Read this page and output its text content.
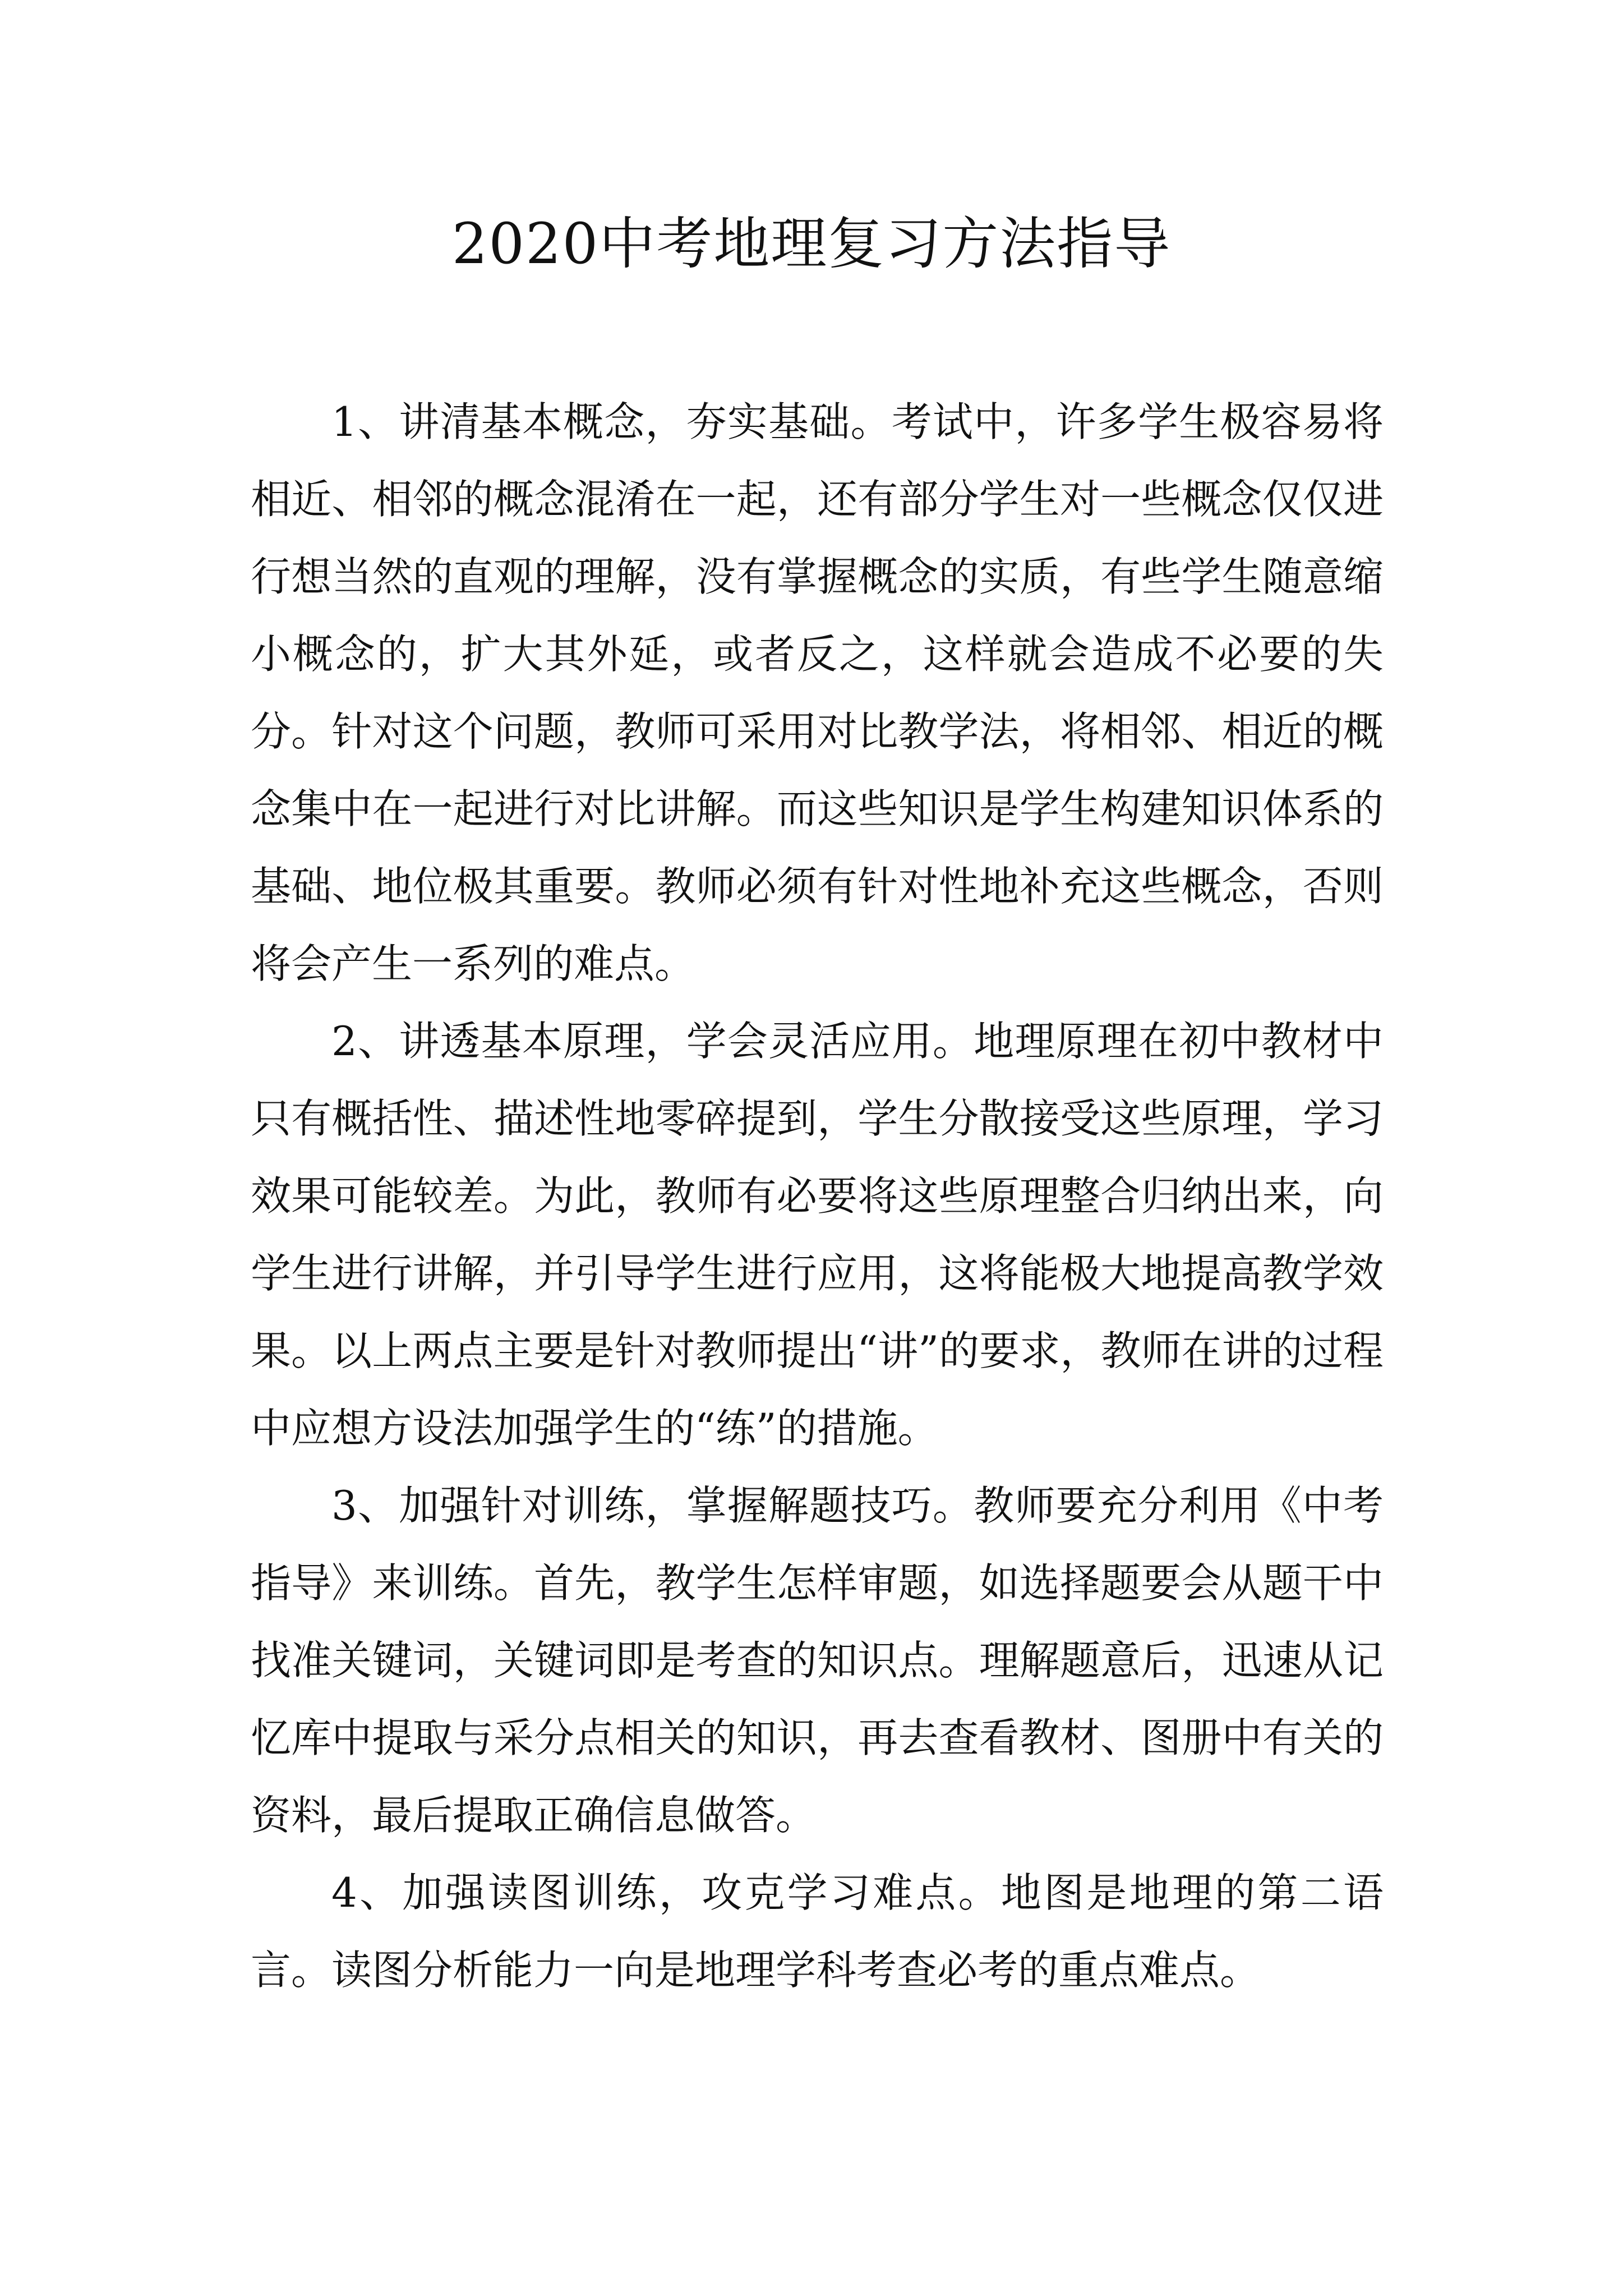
2020中考地理复习方法指导

1、讲清基本概念，夯实基础。考试中，许多学生极容易将相近、相邻的概念混淆在一起，还有部分学生对一些概念仅仅进行想当然的直观的理解，没有掌握概念的实质，有些学生随意缩小概念的，扩大其外延，或者反之，这样就会造成不必要的失分。针对这个问题，教师可采用对比教学法，将相邻、相近的概念集中在一起进行对比讲解。而这些知识是学生构建知识体系的基础、地位极其重要。教师必须有针对性地补充这些概念，否则将会产生一系列的难点。

2、讲透基本原理，学会灵活应用。地理原理在初中教材中只有概括性、描述性地零碎提到，学生分散接受这些原理，学习效果可能较差。为此，教师有必要将这些原理整合归纳出来，向学生进行讲解，并引导学生进行应用，这将能极大地提高教学效果。以上两点主要是针对教师提出“讲”的要求，教师在讲的过程中应想方设法加强学生的“练”的措施。

3、加强针对训练，掌握解题技巧。教师要充分利用《中考指导》来训练。首先，教学生怎样审题，如选择题要会从题干中找准关键词，关键词即是考查的知识点。理解题意后，迅速从记忆库中提取与采分点相关的知识，再去查看教材、图册中有关的资料，最后提取正确信息做答。

4、加强读图训练，攻克学习难点。地图是地理的第二语言。读图分析能力一向是地理学科考查必考的重点难点。
